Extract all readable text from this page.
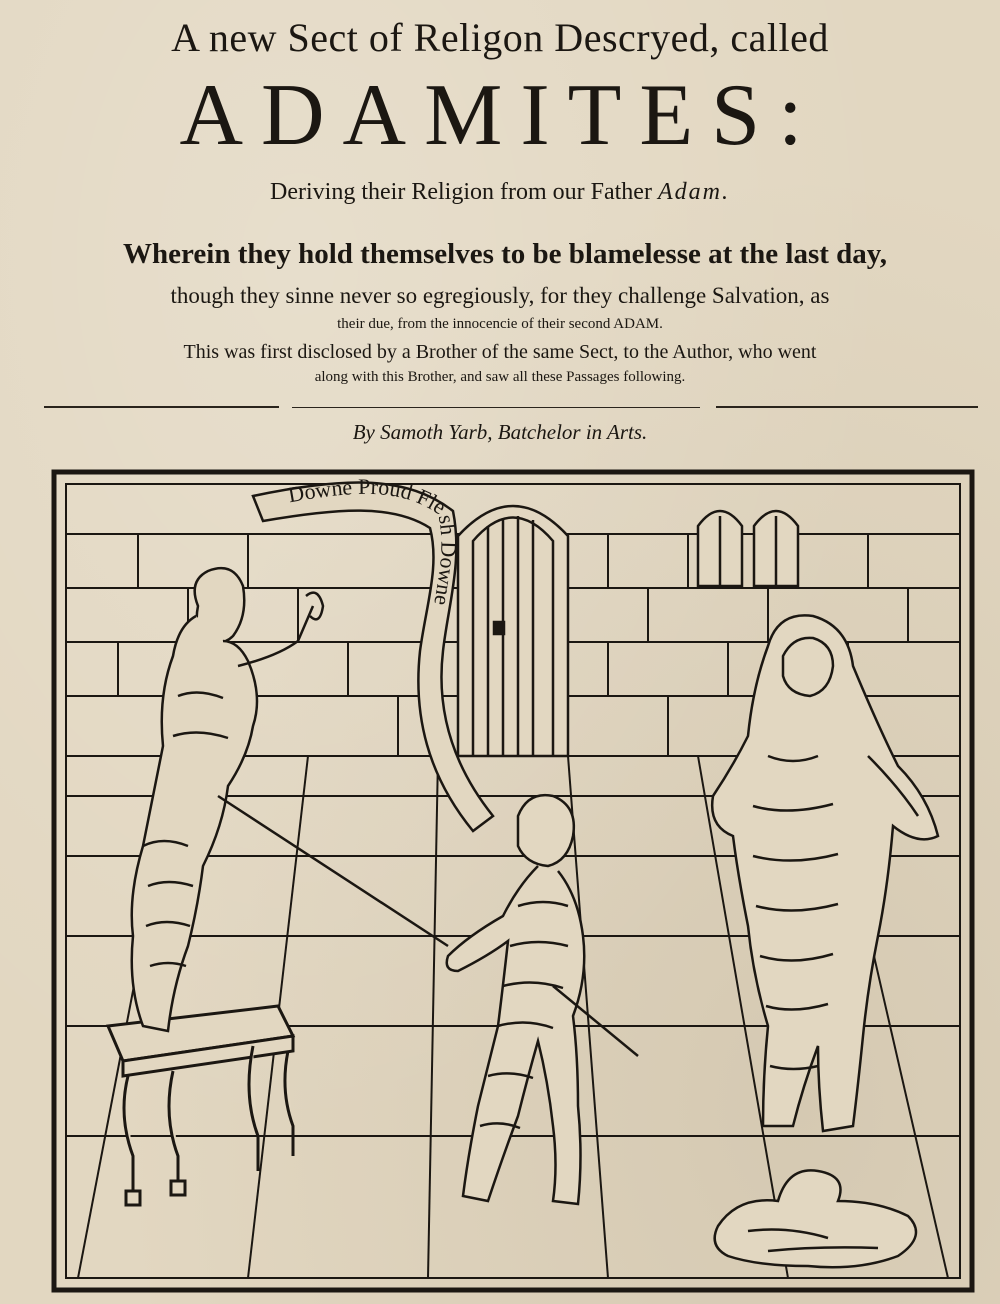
A new Sect of Religon Descryed, called
ADAMITES:
Deriving their Religion from our Father Adam.
Wherein they hold themselves to be blamelesse at the last day,
though they sinne never so egregiously, for they challenge Salvation, as
their due, from the innocencie of their second ADAM.
This was first disclosed by a Brother of the same Sect, to the Author, who went
along with this Brother, and saw all these Passages following.
By Samoth Yarb, Batchelor in Arts.
Downe Proud Flesh Downe
